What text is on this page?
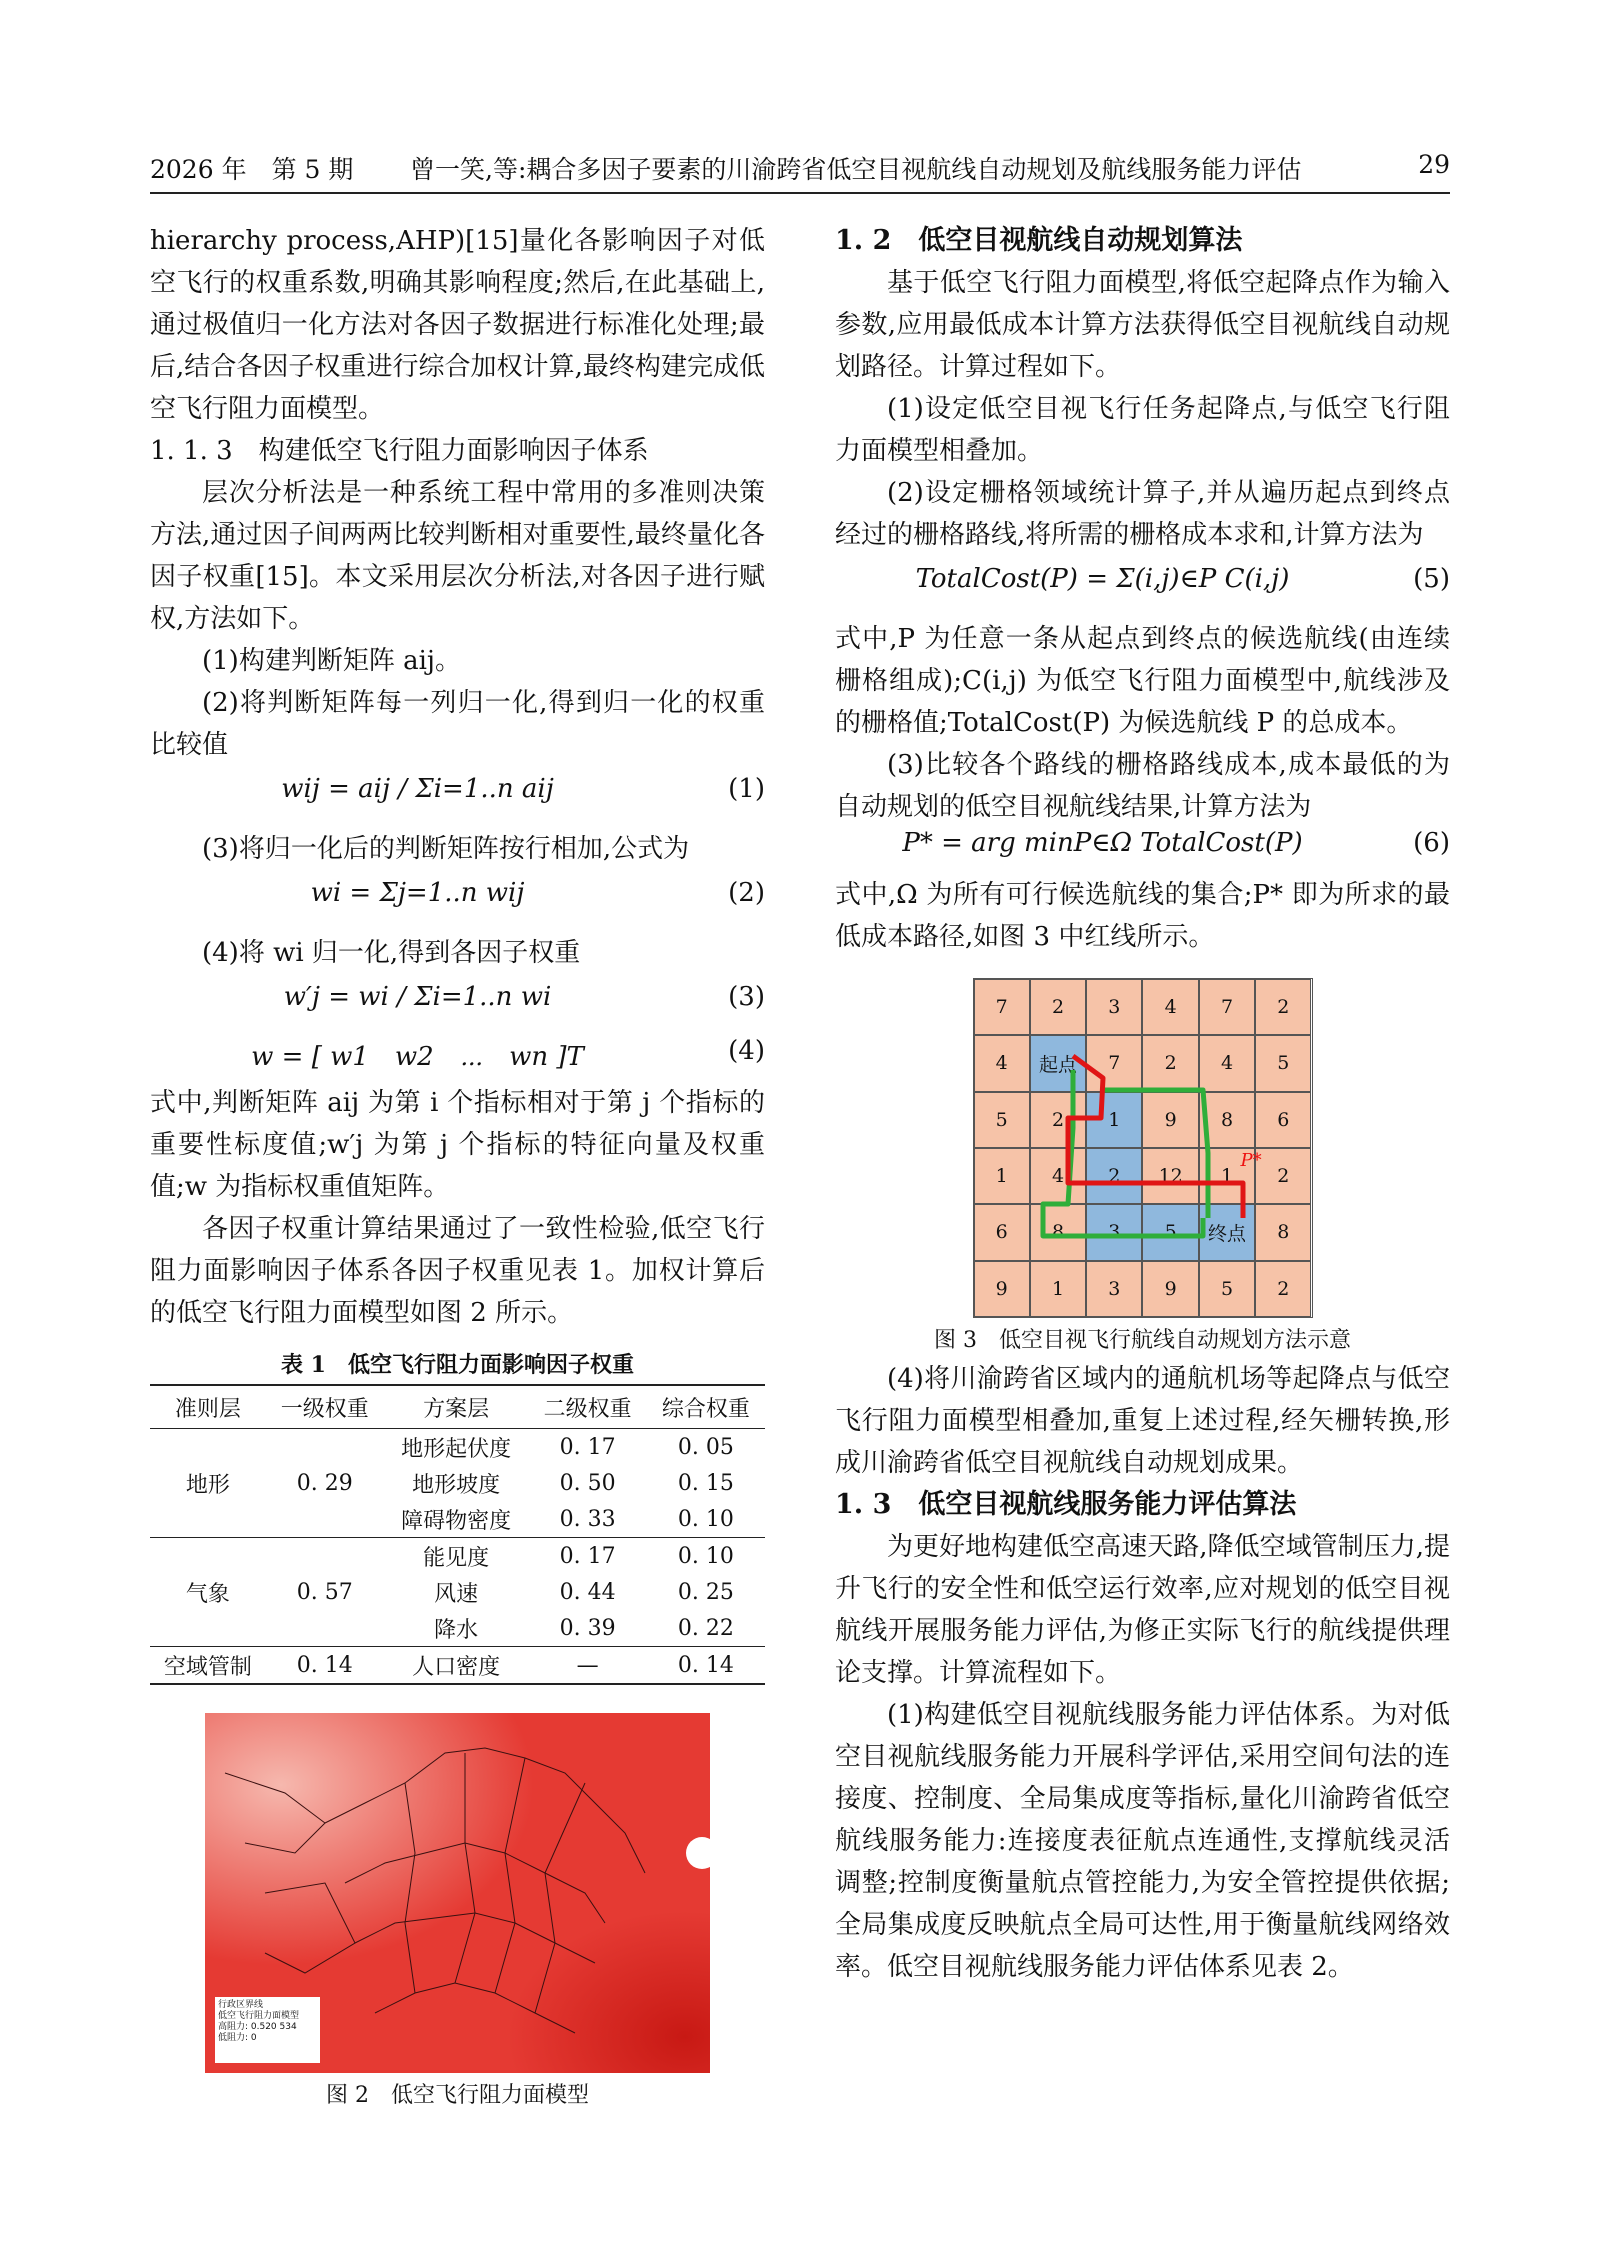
2026 年　第 5 期 曾一笑,等:耦合多因子要素的川渝跨省低空目视航线自动规划及航线服务能力评估	29

hierarchy process,AHP)[15]量化各影响因子对低空飞行的权重系数,明确其影响程度;然后,在此基础上,通过极值归一化方法对各因子数据进行标准化处理;最后,结合各因子权重进行综合加权计算,最终构建完成低空飞行阻力面模型。

1. 1. 3　构建低空飞行阻力面影响因子体系

层次分析法是一种系统工程中常用的多准则决策方法,通过因子间两两比较判断相对重要性,最终量化各因子权重[15]。本文采用层次分析法,对各因子进行赋权,方法如下。

(1)构建判断矩阵 aij。

(2)将判断矩阵每一列归一化,得到归一化的权重比较值

wij = aij / Σi=1..n aij	(1)

(3)将归一化后的判断矩阵按行相加,公式为

wi = Σj=1..n wij	(2)

(4)将 wi 归一化,得到各因子权重

w′j = wi / Σi=1..n wi	(3)
w = [ w1　w2　⋯　wn ]T	(4)

式中,判断矩阵 aij 为第 i 个指标相对于第 j 个指标的重要性标度值;w′j 为第 j 个指标的特征向量及权重值;w 为指标权重值矩阵。

各因子权重计算结果通过了一致性检验,低空飞行阻力面影响因子体系各因子权重见表 1。加权计算后的低空飞行阻力面模型如图 2 所示。

表 1　低空飞行阻力面影响因子权重
准则层	一级权重	方案层	二级权重	综合权重
地形	0. 29	地形起伏度	0. 17	0. 05
		地形坡度	0. 50	0. 15
		障碍物密度	0. 33	0. 10
气象	0. 57	能见度	0. 17	0. 10
		风速	0. 44	0. 25
		降水	0. 39	0. 22
空域管制	0. 14	人口密度	—	0. 14
行政区界线
低空飞行阻力面模型
高阻力: 0.520 534
低阻力: 0
图 2　低空飞行阻力面模型
1. 2　低空目视航线自动规划算法

基于低空飞行阻力面模型,将低空起降点作为输入参数,应用最低成本计算方法获得低空目视航线自动规划路径。计算过程如下。

(1)设定低空目视飞行任务起降点,与低空飞行阻力面模型相叠加。

(2)设定栅格领域统计算子,并从遍历起点到终点经过的栅格路线,将所需的栅格成本求和,计算方法为

TotalCost(P) = Σ(i,j)∈P C(i,j)	(5)

式中,P 为任意一条从起点到终点的候选航线(由连续栅格组成);C(i,j) 为低空飞行阻力面模型中,航线涉及的栅格值;TotalCost(P) 为候选航线 P 的总成本。

(3)比较各个路线的栅格路线成本,成本最低的为自动规划的低空目视航线结果,计算方法为

P* = arg minP∈Ω TotalCost(P)	(6)

式中,Ω 为所有可行候选航线的集合;P* 即为所求的最低成本路径,如图 3 中红线所示。

7	2	3	4	7	2
4	起点	7	2	4	5
5	2	1	9	8	6
1	4	2	12	1	2
6	8	3	5	终点	8
9	1	3	9	5	2
P*
图 3　低空目视飞行航线自动规划方法示意

(4)将川渝跨省区域内的通航机场等起降点与低空飞行阻力面模型相叠加,重复上述过程,经矢栅转换,形成川渝跨省低空目视航线自动规划成果。

1. 3　低空目视航线服务能力评估算法

为更好地构建低空高速天路,降低空域管制压力,提升飞行的安全性和低空运行效率,应对规划的低空目视航线开展服务能力评估,为修正实际飞行的航线提供理论支撑。计算流程如下。

(1)构建低空目视航线服务能力评估体系。为对低空目视航线服务能力开展科学评估,采用空间句法的连接度、控制度、全局集成度等指标,量化川渝跨省低空航线服务能力:连接度表征航点连通性,支撑航线灵活调整;控制度衡量航点管控能力,为安全管控提供依据;全局集成度反映航点全局可达性,用于衡量航线网络效率。低空目视航线服务能力评估体系见表 2。
